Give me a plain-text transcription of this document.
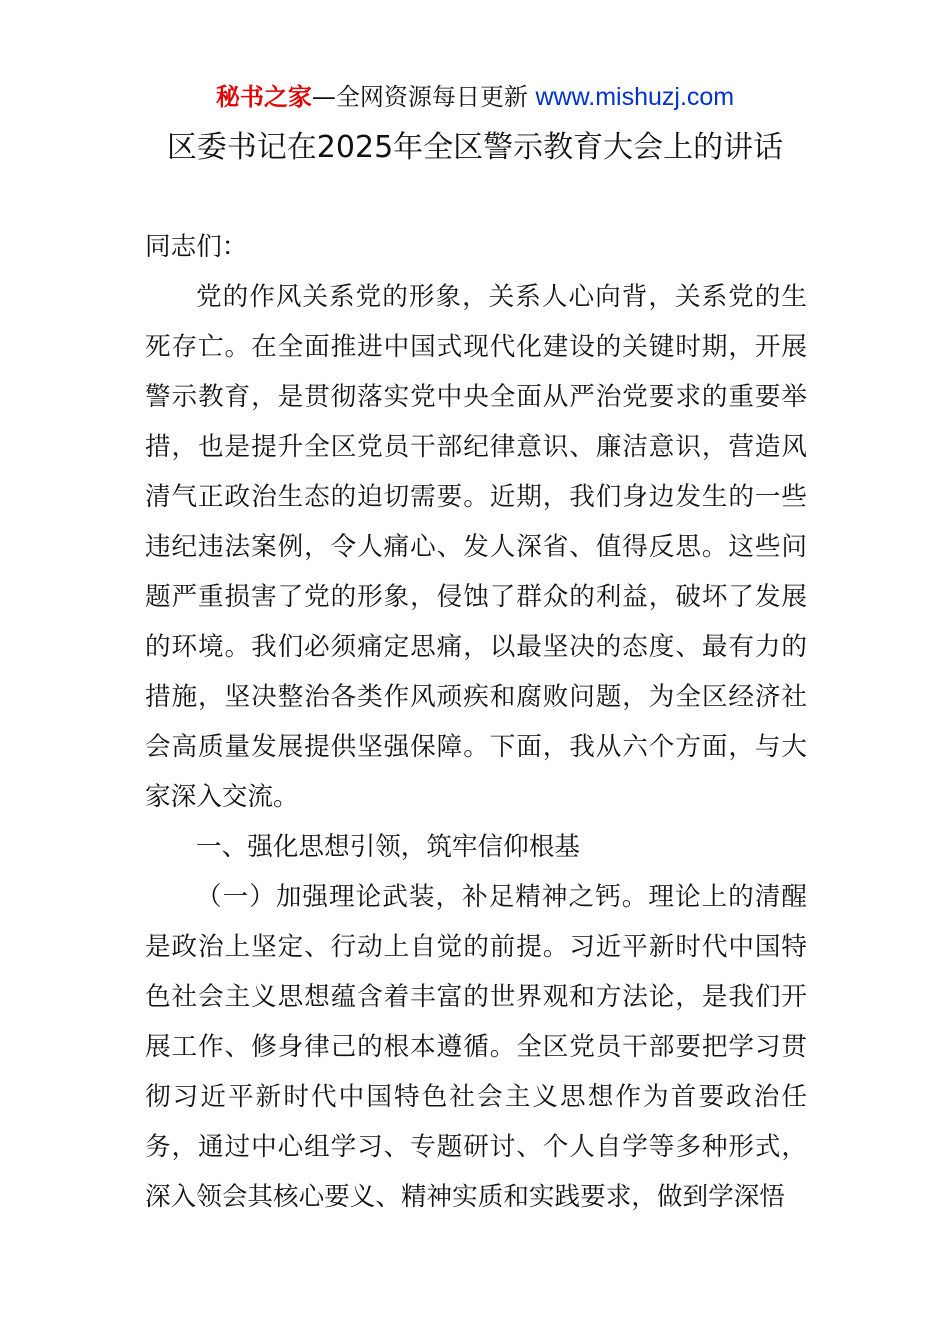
秘书之家—全网资源每日更新 www.mishuzj.com
区委书记在2025年全区警示教育大会上的讲话

同志们：

党的作风关系党的形象，关系人心向背，关系党的生死存亡。在全面推进中国式现代化建设的关键时期，开展警示教育，是贯彻落实党中央全面从严治党要求的重要举措，也是提升全区党员干部纪律意识、廉洁意识，营造风清气正政治生态的迫切需要。近期，我们身边发生的一些违纪违法案例，令人痛心、发人深省、值得反思。这些问题严重损害了党的形象，侵蚀了群众的利益，破坏了发展的环境。我们必须痛定思痛，以最坚决的态度、最有力的措施，坚决整治各类作风顽疾和腐败问题，为全区经济社会高质量发展提供坚强保障。下面，我从六个方面，与大家深入交流。

一、强化思想引领，筑牢信仰根基

（一）加强理论武装，补足精神之钙。理论上的清醒是政治上坚定、行动上自觉的前提。习近平新时代中国特色社会主义思想蕴含着丰富的世界观和方法论，是我们开展工作、修身律己的根本遵循。全区党员干部要把学习贯彻习近平新时代中国特色社会主义思想作为首要政治任务，通过中心组学习、专题研讨、个人自学等多种形式，深入领会其核心要义、精神实质和实践要求，做到学深悟
